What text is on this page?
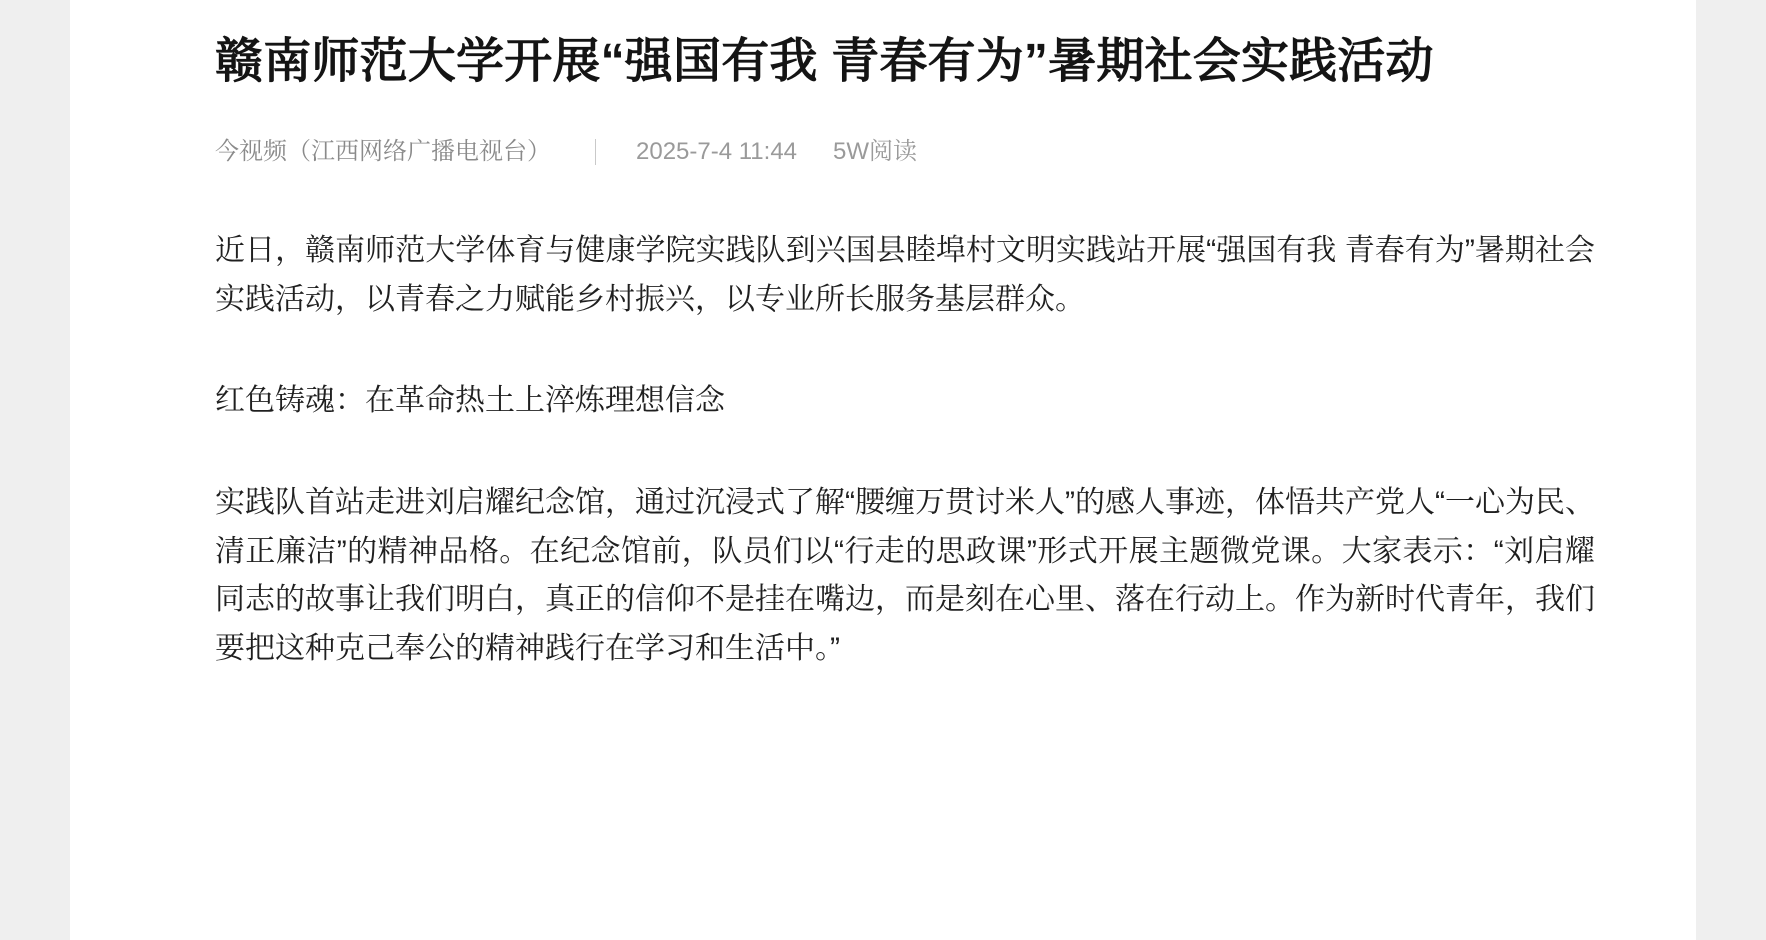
赣南师范大学开展“强国有我 青春有为”暑期社会实践活动
今视频（江西网络广播电视台）	2025-7-4 11:44 5W阅读

近日，赣南师范大学体育与健康学院实践队到兴国县睦埠村文明实践站开展“强国有我 青春有为”暑期社会实践活动，以青春之力赋能乡村振兴，以专业所长服务基层群众。

红色铸魂：在革命热土上淬炼理想信念

实践队首站走进刘启耀纪念馆，通过沉浸式了解“腰缠万贯讨米人”的感人事迹，体悟共产党人“一心为民、清正廉洁”的精神品格。在纪念馆前，队员们以“行走的思政课”形式开展主题微党课。大家表示：“刘启耀同志的故事让我们明白，真正的信仰不是挂在嘴边，而是刻在心里、落在行动上。作为新时代青年，我们要把这种克己奉公的精神践行在学习和生活中。”
